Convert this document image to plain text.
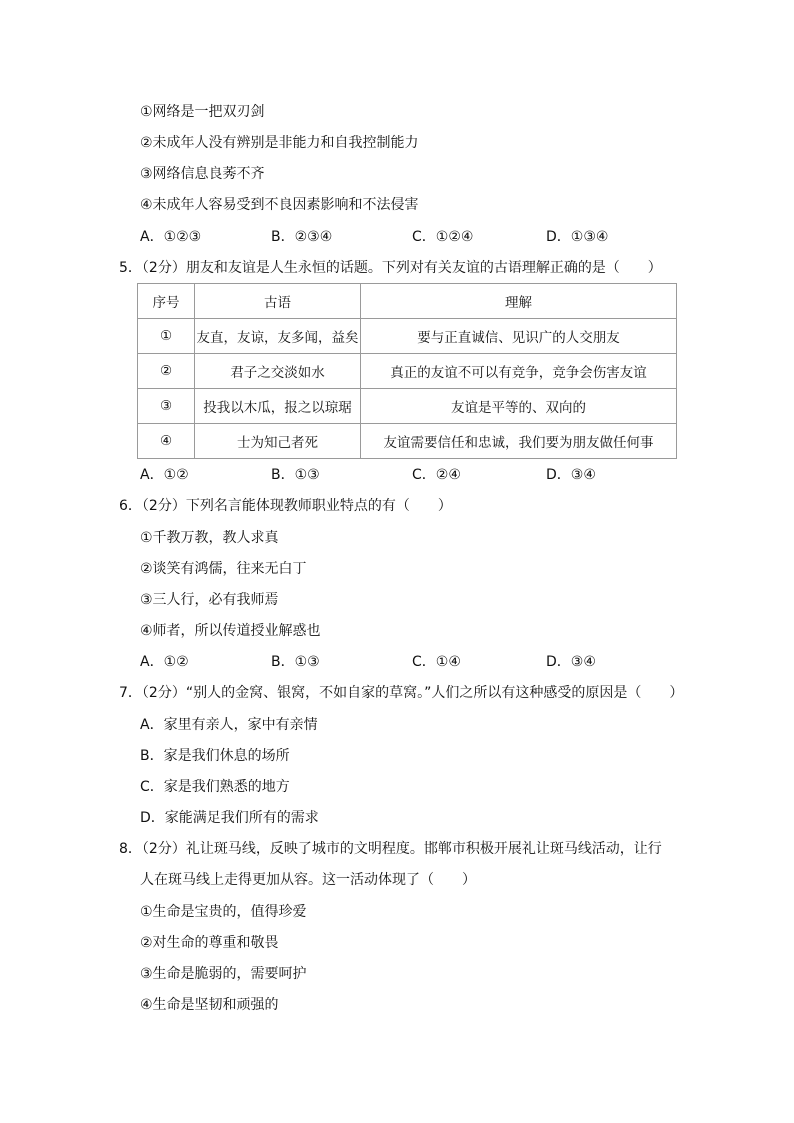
①网络是一把双刃剑
②未成年人没有辨别是非能力和自我控制能力
③网络信息良莠不齐
④未成年人容易受到不良因素影响和不法侵害
A．①②③	B．②③④	C．①②④	D．①③④
5．（2分）朋友和友谊是人生永恒的话题。下列对有关友谊的古语理解正确的是（　　）
序号	古语	理解
①	友直，友谅，友多闻，益矣	要与正直诚信、见识广的人交朋友
②	君子之交淡如水	真正的友谊不可以有竞争，竞争会伤害友谊
③	投我以木瓜，报之以琼琚	友谊是平等的、双向的
④	士为知己者死	友谊需要信任和忠诚，我们要为朋友做任何事
A．①②	B．①③	C．②④	D．③④
6．（2分）下列名言能体现教师职业特点的有（　　）
①千教万教，教人求真
②谈笑有鸿儒，往来无白丁
③三人行，必有我师焉
④师者，所以传道授业解惑也
A．①②	B．①③	C．①④	D．③④
7．（2分）“别人的金窝、银窝，不如自家的草窝。”人们之所以有这种感受的原因是（　　）
A．家里有亲人，家中有亲情
B．家是我们休息的场所
C．家是我们熟悉的地方
D．家能满足我们所有的需求
8．（2分）礼让斑马线，反映了城市的文明程度。邯郸市积极开展礼让斑马线活动，让行
人在斑马线上走得更加从容。这一活动体现了（　　）
①生命是宝贵的，值得珍爱
②对生命的尊重和敬畏
③生命是脆弱的，需要呵护
④生命是坚韧和顽强的
